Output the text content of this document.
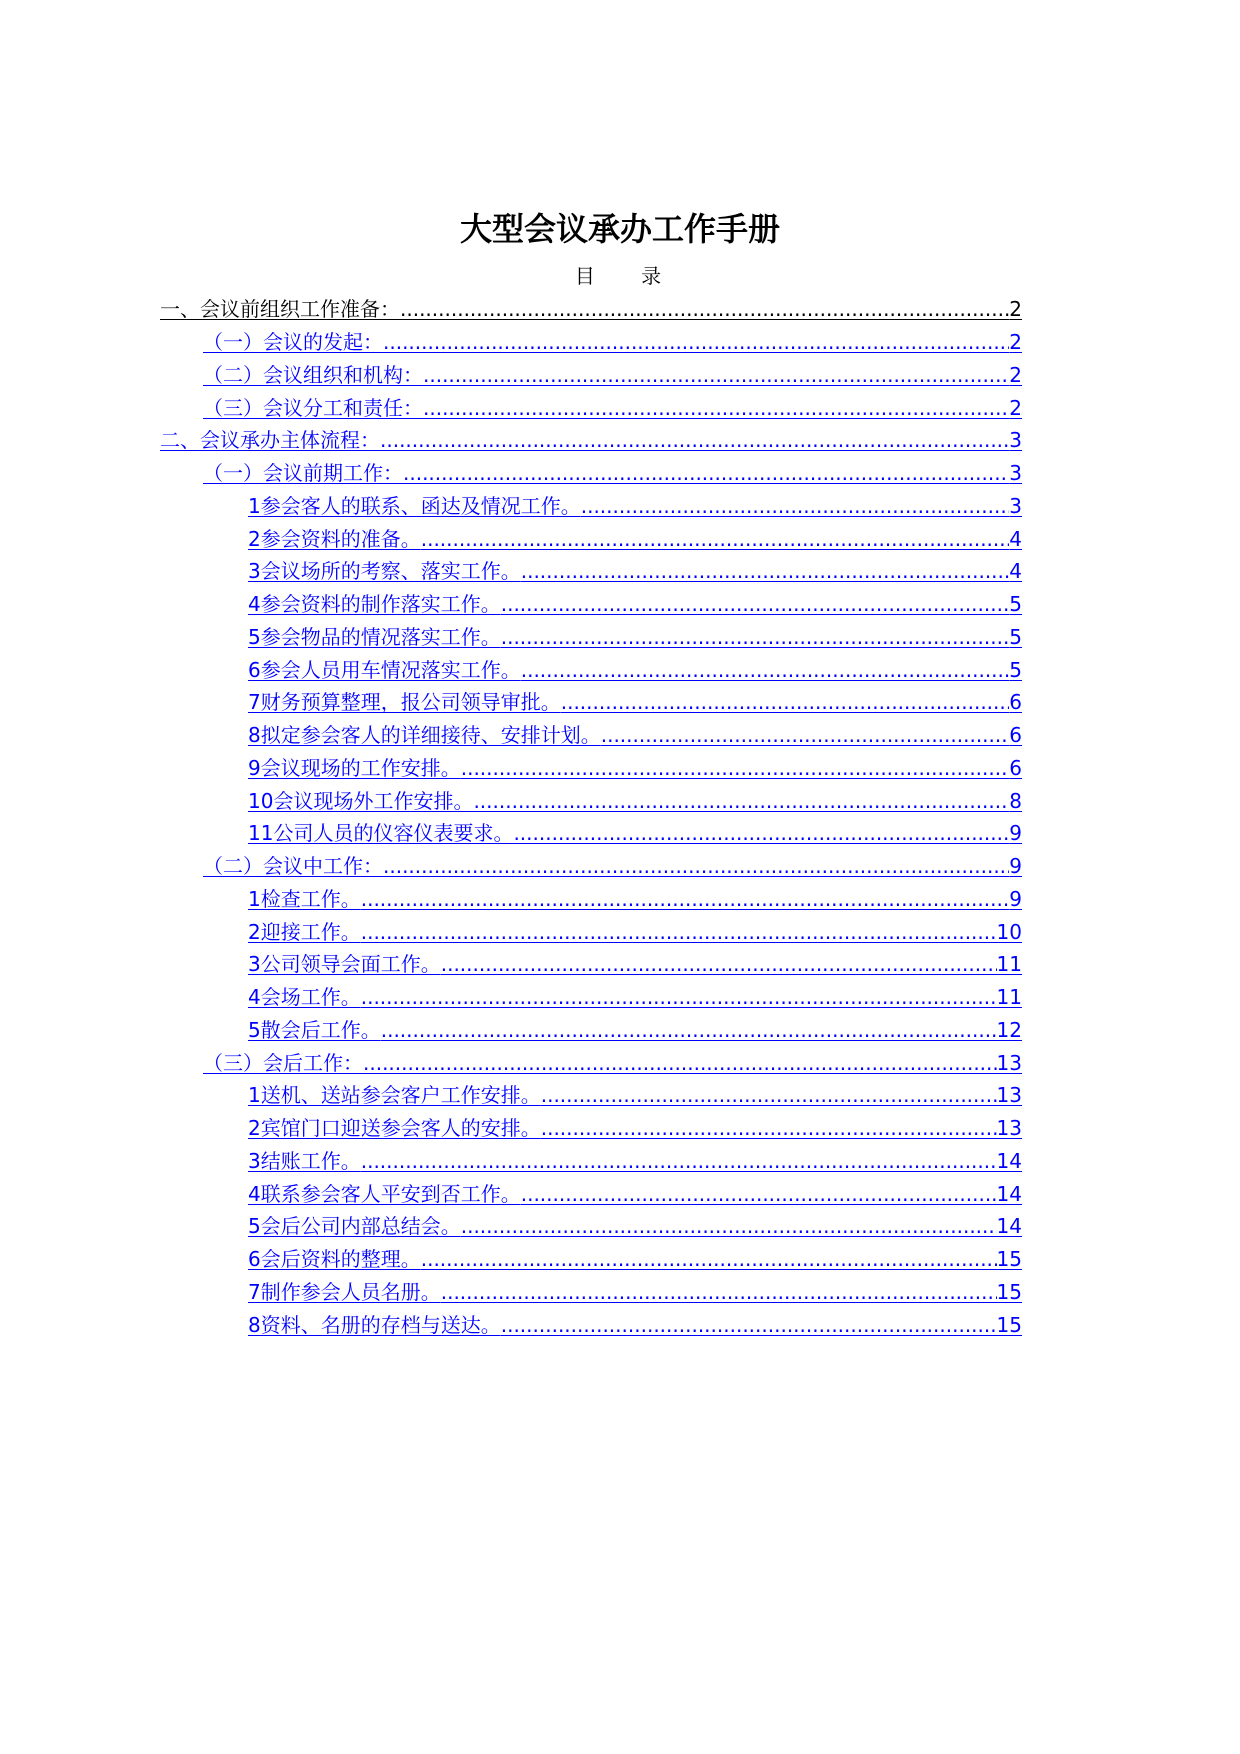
大型会议承办工作手册
目 录
一、会议前组织工作准备： .....	2
（一）会议的发起： .....	2
（二）会议组织和机构： .....	2
（三）会议分工和责任： .....	2
二、会议承办主体流程： .....	3
（一）会议前期工作： .....	3
1参会客人的联系、函达及情况工作。 .....	3
2参会资料的准备。 .....	4
3会议场所的考察、落实工作。 .....	4
4参会资料的制作落实工作。 .....	5
5参会物品的情况落实工作。 .....	5
6参会人员用车情况落实工作。 .....	5
7财务预算整理，报公司领导审批。 .....	6
8拟定参会客人的详细接待、安排计划。 .....	6
9会议现场的工作安排。 .....	6
10会议现场外工作安排。 .....	8
11公司人员的仪容仪表要求。 .....	9
（二）会议中工作： .....	9
1检查工作。 .....	9
2迎接工作。 .....	10
3公司领导会面工作。 .....	11
4会场工作。 .....	11
5散会后工作。 .....	12
（三）会后工作： .....	13
1送机、送站参会客户工作安排。 .....	13
2宾馆门口迎送参会客人的安排。 .....	13
3结账工作。 .....	14
4联系参会客人平安到否工作。 .....	14
5会后公司内部总结会。 .....	14
6会后资料的整理。 .....	15
7制作参会人员名册。 .....	15
8资料、名册的存档与送达。 .....	15
